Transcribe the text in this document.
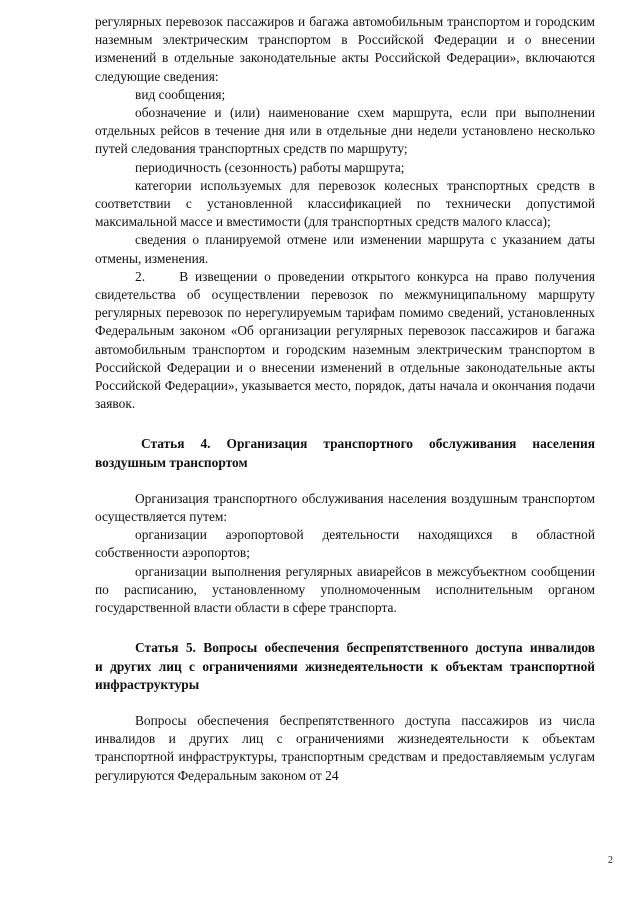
регулярных перевозок пассажиров и багажа автомобильным транспортом и городским наземным электрическим транспортом в Российской Федерации и о внесении изменений в отдельные законодательные акты Российской Федерации», включаются следующие сведения:

вид сообщения;

обозначение и (или) наименование схем маршрута, если при выполнении отдельных рейсов в течение дня или в отдельные дни недели установлено несколько путей следования транспортных средств по маршруту;

периодичность (сезонность) работы маршрута;

категории используемых для перевозок колесных транспортных средств в соответствии с установленной классификацией по технически допустимой максимальной массе и вместимости (для транспортных средств малого класса);

сведения о планируемой отмене или изменении маршрута с указанием даты отмены, изменения.

2.     В извещении о проведении открытого конкурса на право получения свидетельства об осуществлении перевозок по межмуниципальному маршруту регулярных перевозок по нерегулируемым тарифам помимо сведений, установленных Федеральным законом «Об организации регулярных перевозок пассажиров и багажа автомобильным транспортом и городским наземным электрическим транспортом в Российской Федерации и о внесении изменений в отдельные законодательные акты Российской Федерации», указывается место, порядок, даты начала и окончания подачи заявок.

Статья 4. Организация транспортного обслуживания населения воздушным транспортом

Организация транспортного обслуживания населения воздушным транспортом осуществляется путем:

организации аэропортовой деятельности находящихся в областной собственности аэропортов;

организации выполнения регулярных авиарейсов в межсубъектном сообщении по расписанию, установленному уполномоченным исполнительным органом государственной власти области в сфере транспорта.

Статья 5. Вопросы обеспечения беспрепятственного доступа инвалидов и других лиц с ограничениями жизнедеятельности к объектам транспортной инфраструктуры

Вопросы обеспечения беспрепятственного доступа пассажиров из числа инвалидов и других лиц с ограничениями жизнедеятельности к объектам транспортной инфраструктуры, транспортным средствам и предоставляемым услугам регулируются Федеральным законом от 24

2
